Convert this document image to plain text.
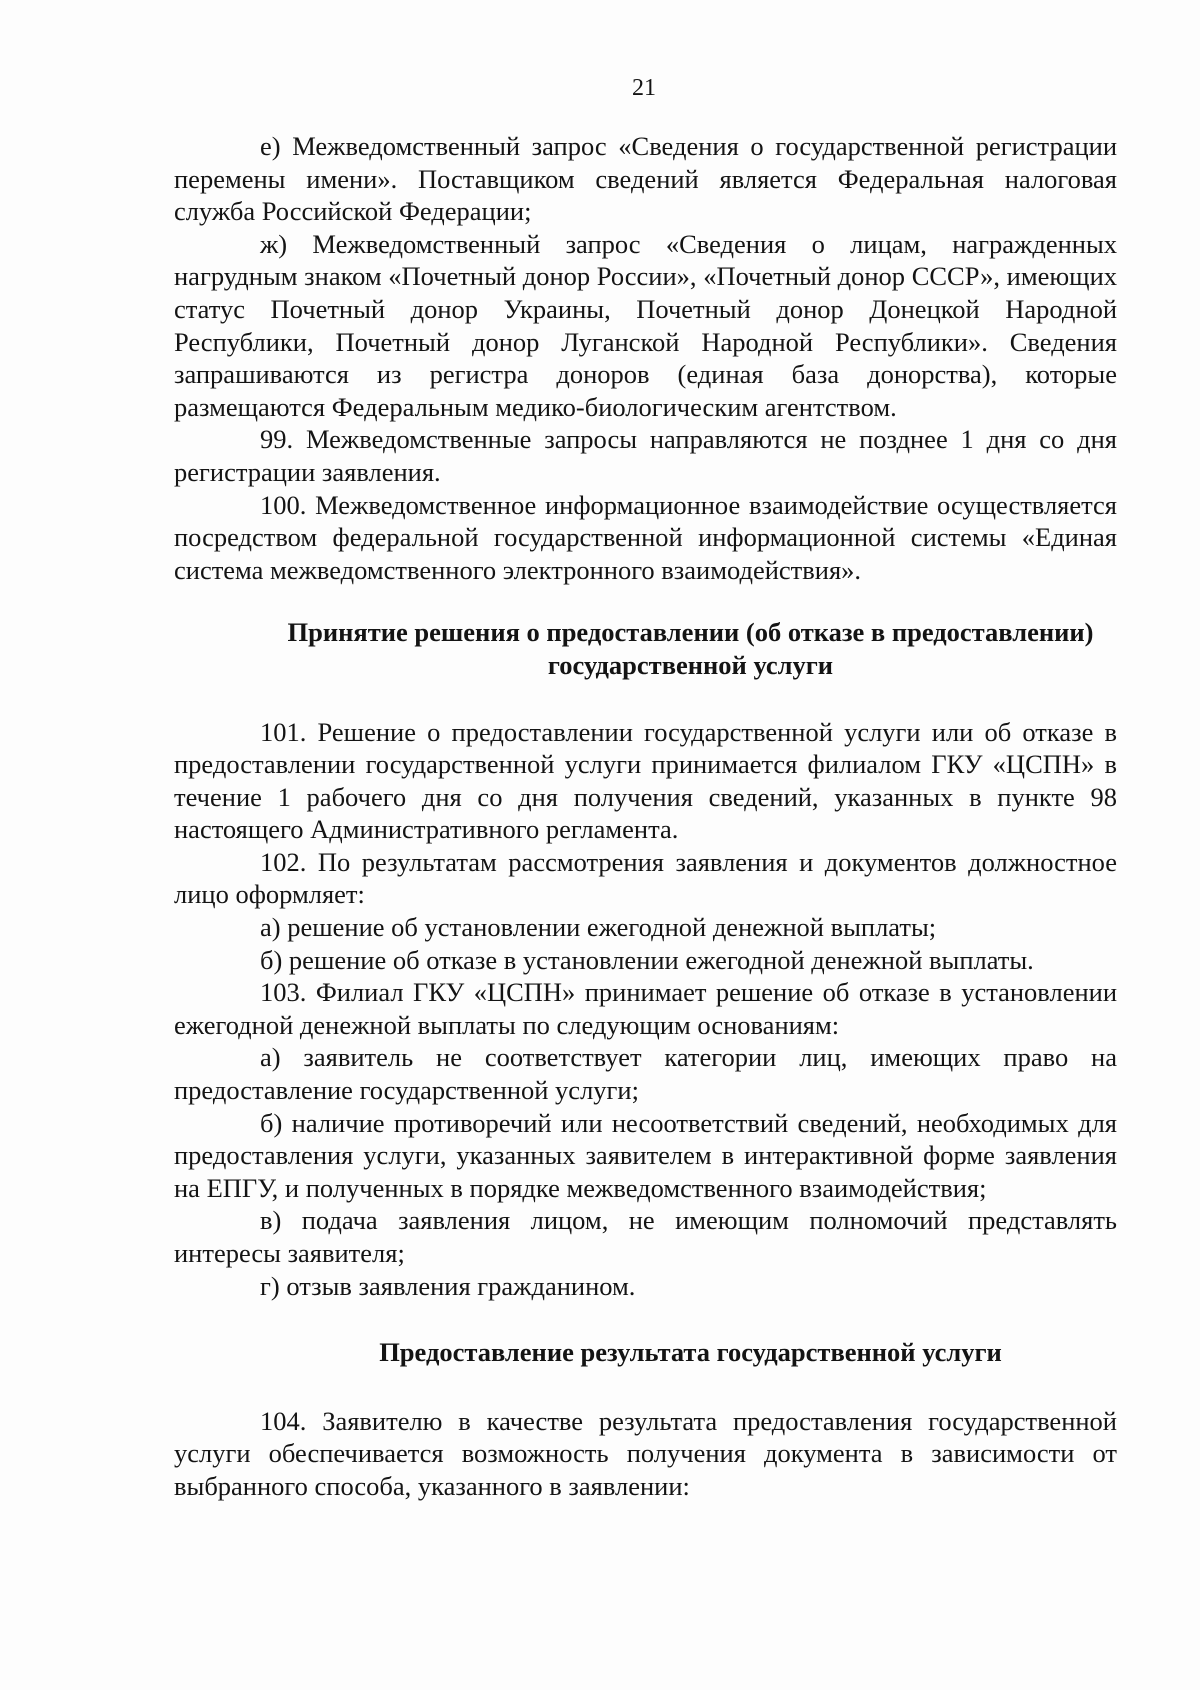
21

е) Межведомственный запрос «Сведения о государственной регистрации перемены имени». Поставщиком сведений является Федеральная налоговая служба Российской Федерации;

ж) Межведомственный запрос «Сведения о лицам, награжденных нагрудным знаком «Почетный донор России», «Почетный донор СССР», имеющих статус Почетный донор Украины, Почетный донор Донецкой Народной Республики, Почетный донор Луганской Народной Республики». Сведения запрашиваются из регистра доноров (единая база донорства), которые размещаются Федеральным медико-биологическим агентством.

99. Межведомственные запросы направляются не позднее 1 дня со дня регистрации заявления.

100. Межведомственное информационное взаимодействие осуществляется посредством федеральной государственной информационной системы «Единая система межведомственного электронного взаимодействия».

Принятие решения о предоставлении (об отказе в предоставлении) государственной услуги

101. Решение о предоставлении государственной услуги или об отказе в предоставлении государственной услуги принимается филиалом ГКУ «ЦСПН» в течение 1 рабочего дня со дня получения сведений, указанных в пункте 98 настоящего Административного регламента.

102. По результатам рассмотрения заявления и документов должностное лицо оформляет:

а) решение об установлении ежегодной денежной выплаты;

б) решение об отказе в установлении ежегодной денежной выплаты.

103. Филиал ГКУ «ЦСПН» принимает решение об отказе в установлении ежегодной денежной выплаты по следующим основаниям:

а) заявитель не соответствует категории лиц, имеющих право на предоставление государственной услуги;

б) наличие противоречий или несоответствий сведений, необходимых для предоставления услуги, указанных заявителем в интерактивной форме заявления на ЕПГУ, и полученных в порядке межведомственного взаимодействия;

в) подача заявления лицом, не имеющим полномочий представлять интересы заявителя;

г) отзыв заявления гражданином.

Предоставление результата государственной услуги

104. Заявителю в качестве результата предоставления государственной услуги обеспечивается возможность получения документа в зависимости от выбранного способа, указанного в заявлении:
